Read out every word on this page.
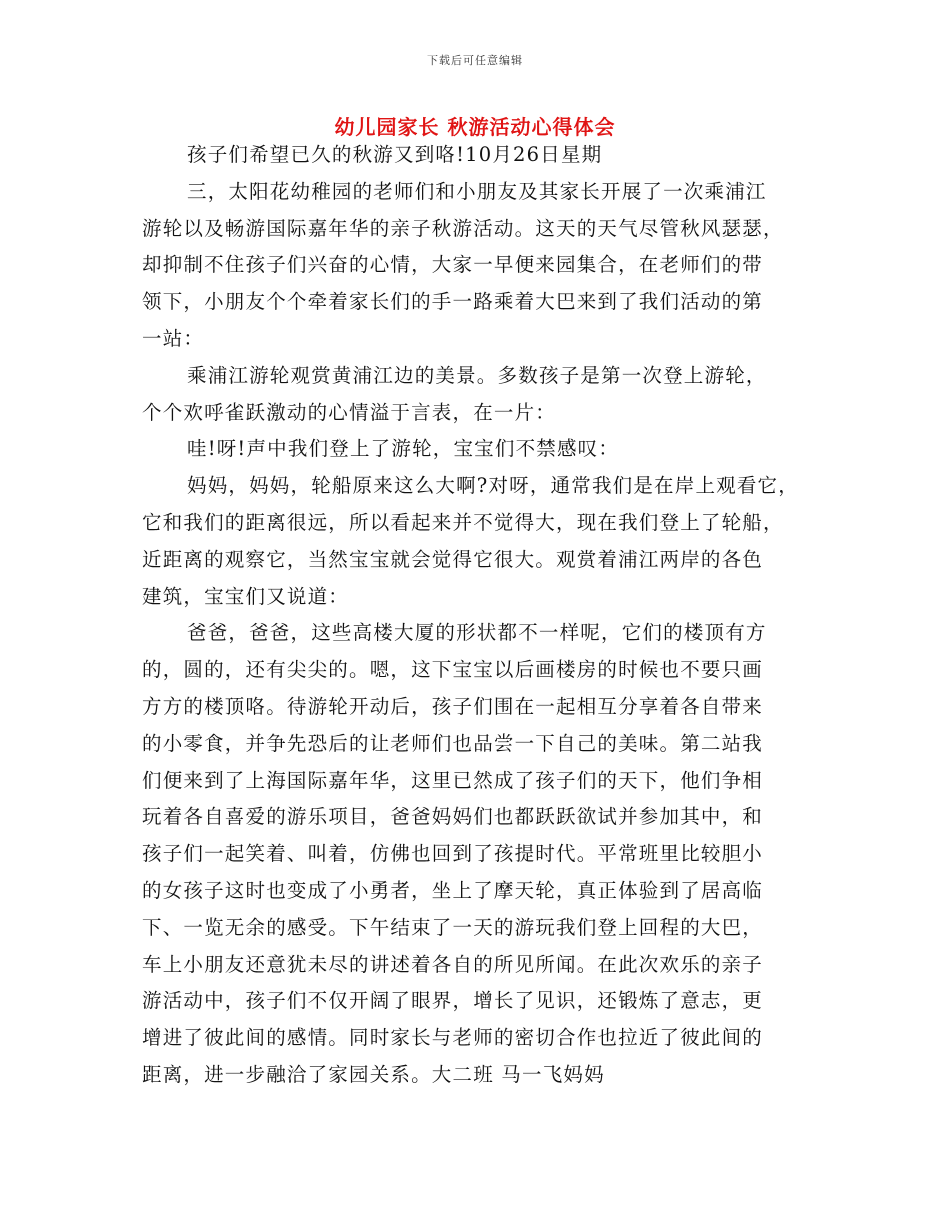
下载后可任意编辑
幼儿园家长 秋游活动心得体会
孩子们希望已久的秋游又到咯!10月26日星期
三，太阳花幼稚园的老师们和小朋友及其家长开展了一次乘浦江
游轮以及畅游国际嘉年华的亲子秋游活动。这天的天气尽管秋风瑟瑟，
却抑制不住孩子们兴奋的心情，大家一早便来园集合，在老师们的带
领下，小朋友个个牵着家长们的手一路乘着大巴来到了我们活动的第
一站：
乘浦江游轮观赏黄浦江边的美景。多数孩子是第一次登上游轮，
个个欢呼雀跃激动的心情溢于言表，在一片：
哇!呀!声中我们登上了游轮，宝宝们不禁感叹：
妈妈，妈妈，轮船原来这么大啊?对呀，通常我们是在岸上观看它，
它和我们的距离很远，所以看起来并不觉得大，现在我们登上了轮船，
近距离的观察它，当然宝宝就会觉得它很大。观赏着浦江两岸的各色
建筑，宝宝们又说道：
爸爸，爸爸，这些高楼大厦的形状都不一样呢，它们的楼顶有方
的，圆的，还有尖尖的。嗯，这下宝宝以后画楼房的时候也不要只画
方方的楼顶咯。待游轮开动后，孩子们围在一起相互分享着各自带来
的小零食，并争先恐后的让老师们也品尝一下自己的美味。第二站我
们便来到了上海国际嘉年华，这里已然成了孩子们的天下，他们争相
玩着各自喜爱的游乐项目，爸爸妈妈们也都跃跃欲试并参加其中，和
孩子们一起笑着、叫着，仿佛也回到了孩提时代。平常班里比较胆小
的女孩子这时也变成了小勇者，坐上了摩天轮，真正体验到了居高临
下、一览无余的感受。下午结束了一天的游玩我们登上回程的大巴，
车上小朋友还意犹未尽的讲述着各自的所见所闻。在此次欢乐的亲子
游活动中，孩子们不仅开阔了眼界，增长了见识，还锻炼了意志，更
增进了彼此间的感情。同时家长与老师的密切合作也拉近了彼此间的
距离，进一步融洽了家园关系。大二班 马一飞妈妈
